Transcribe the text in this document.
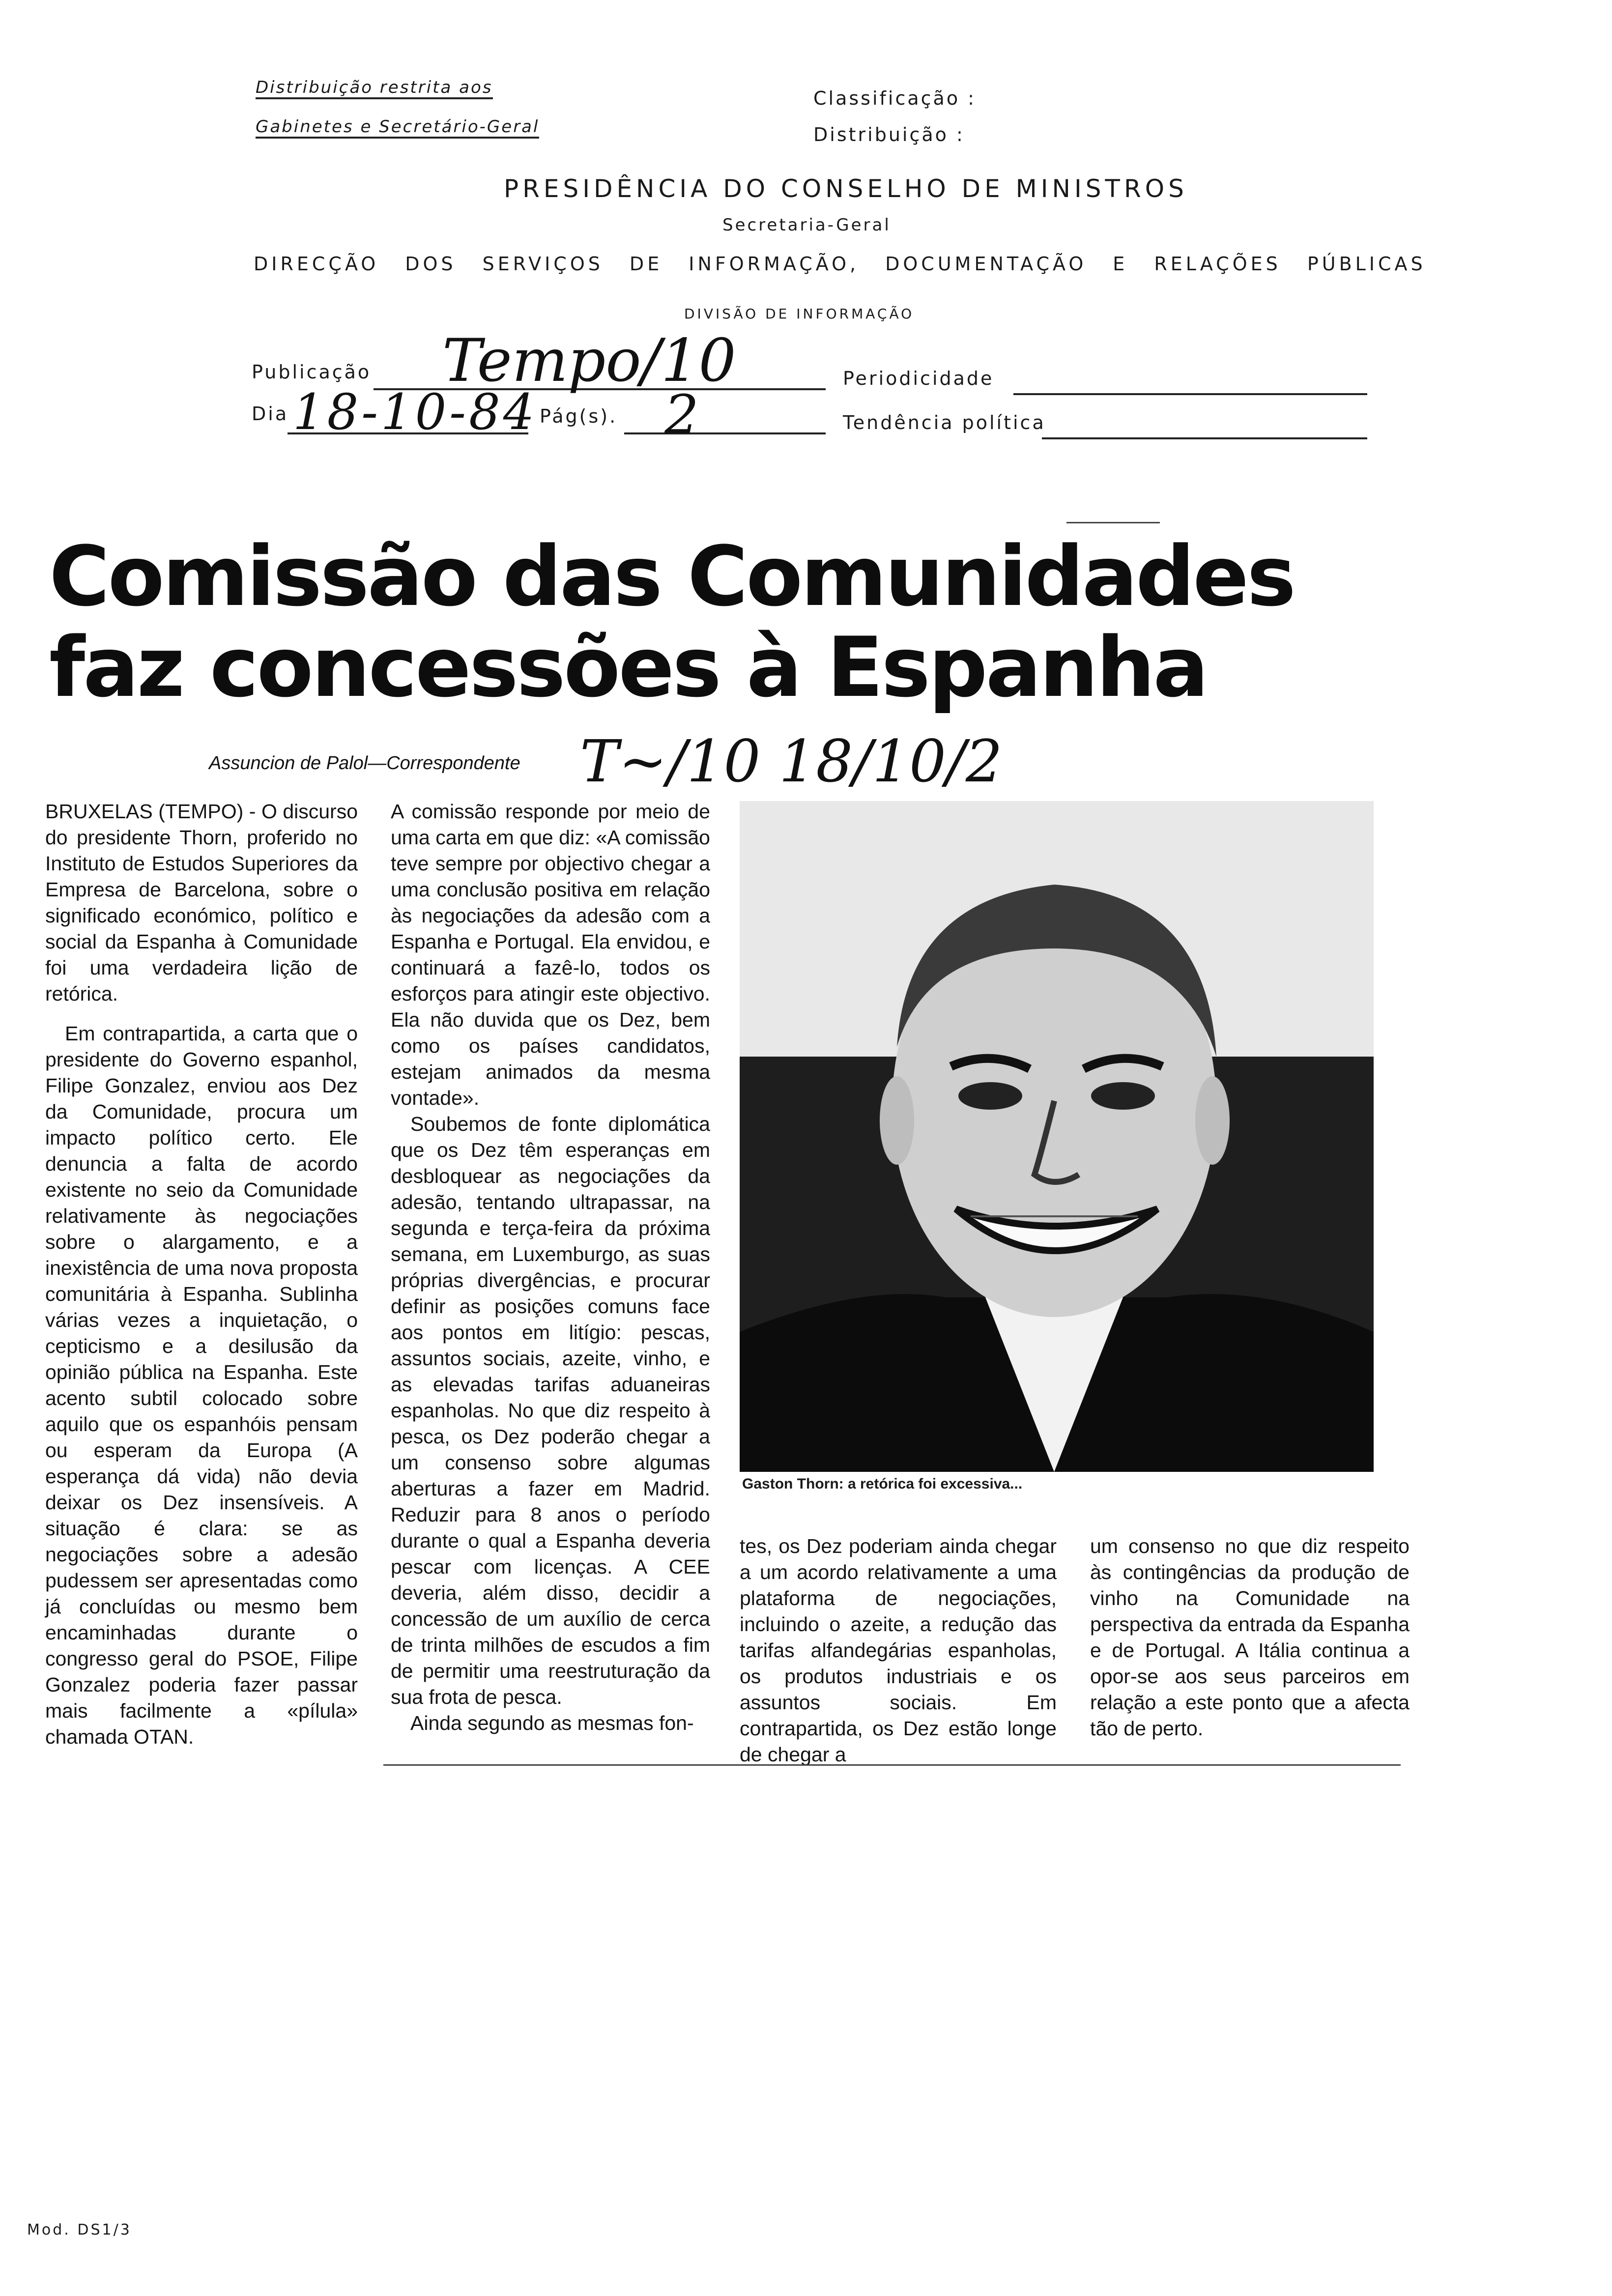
Distribuição restrita aos
Gabinetes e Secretário-Geral
Classificação :
Distribuição :
PRESIDÊNCIA DO CONSELHO DE MINISTROS
Secretaria-Geral
DIRECÇÃO DOS SERVIÇOS DE INFORMAÇÃO, DOCUMENTAÇÃO E RELAÇÕES PÚBLICAS
DIVISÃO DE INFORMAÇÃO
Publicação Tempo/10	Periodicidade
Dia 18-10-84 Pág(s). 2	Tendência política
Comissão das Comunidades
faz concessões à Espanha
Assuncion de Palol—Correspondente T~/10 18/10/2

BRUXELAS (TEMPO) - O discurso do presidente Thorn, proferido no Instituto de Estudos Superiores da Empresa de Barcelona, sobre o significado económico, político e social da Espanha à Comunidade foi uma verdadeira lição de retórica.

Em contrapartida, a carta que o presidente do Governo espanhol, Filipe Gonzalez, enviou aos Dez da Comunidade, procura um impacto político certo. Ele denuncia a falta de acordo existente no seio da Comunidade relativamente às negociações sobre o alargamento, e a inexistência de uma nova proposta comunitária à Espanha. Sublinha várias vezes a inquietação, o cepticismo e a desilusão da opinião pública na Espanha. Este acento subtil colocado sobre aquilo que os espanhóis pensam ou esperam da Europa (A esperança dá vida) não devia deixar os Dez insensíveis. A situação é clara: se as negociações sobre a adesão pudessem ser apresentadas como já concluídas ou mesmo bem encaminhadas durante o congresso geral do PSOE, Filipe Gonzalez poderia fazer passar mais facilmente a «pílula» chamada OTAN.

A comissão responde por meio de uma carta em que diz: «A comissão teve sempre por objectivo chegar a uma conclusão positiva em relação às negociações da adesão com a Espanha e Portugal. Ela envidou, e continuará a fazê-lo, todos os esforços para atingir este objectivo. Ela não duvida que os Dez, bem como os países candidatos, estejam animados da mesma vontade».

Soubemos de fonte diplomática que os Dez têm esperanças em desbloquear as negociações da adesão, tentando ultrapassar, na segunda e terça-feira da próxima semana, em Luxemburgo, as suas próprias divergências, e procurar definir as posições comuns face aos pontos em litígio: pescas, assuntos sociais, azeite, vinho, e as elevadas tarifas aduaneiras espanholas. No que diz respeito à pesca, os Dez poderão chegar a um consenso sobre algumas aberturas a fazer em Madrid. Reduzir para 8 anos o período durante o qual a Espanha deveria pescar com licenças. A CEE deveria, além disso, decidir a concessão de um auxílio de cerca de trinta milhões de escudos a fim de permitir uma reestruturação da sua frota de pesca.

Ainda segundo as mesmas fon-

Gaston Thorn: a retórica foi excessiva...

tes, os Dez poderiam ainda chegar a um acordo relativamente a uma plataforma de negociações, incluindo o azeite, a redução das tarifas alfandegárias espanholas, os produtos industriais e os assuntos sociais. Em contrapartida, os Dez estão longe de chegar a

um consenso no que diz respeito às contingências da produção de vinho na Comunidade na perspectiva da entrada da Espanha e de Portugal. A Itália continua a opor-se aos seus parceiros em relação a este ponto que a afecta tão de perto.

Mod. DS1/3
